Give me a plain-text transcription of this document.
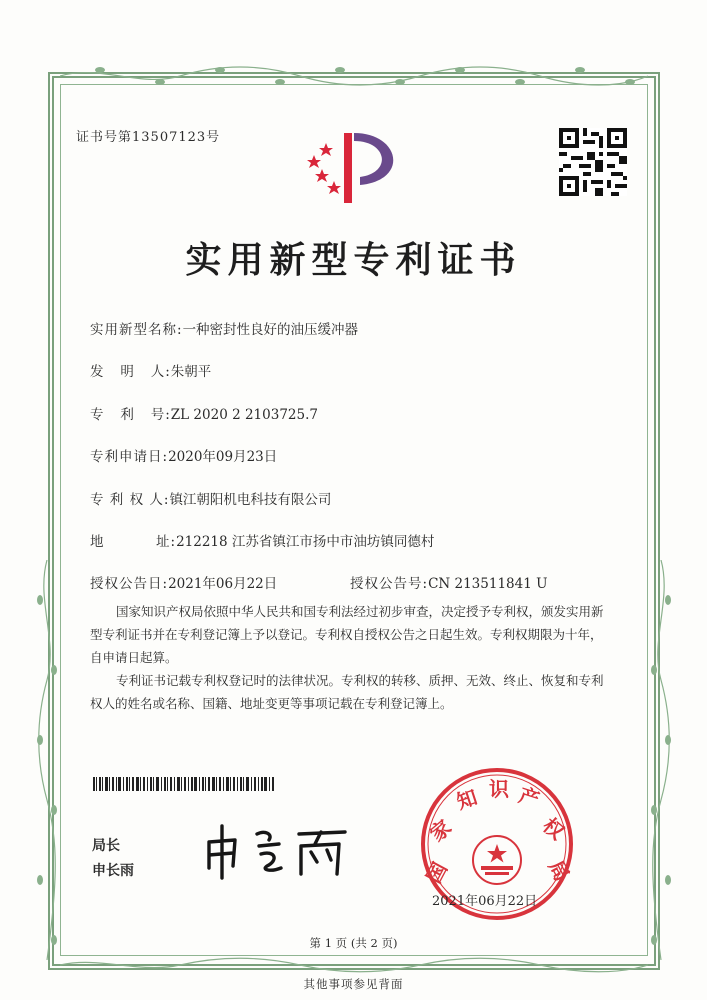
证书号第13507123号
实用新型专利证书
实用新型名称:一种密封性良好的油压缓冲器
发   明   人:朱朝平
专   利   号:ZL 2020 2 2103725.7
专利申请日:2020年09月23日
专 利 权 人:镇江朝阳机电科技有限公司
地	址:212218 江苏省镇江市扬中市油坊镇同德村
授权公告日:2021年06月22日	授权公告号:CN 213511841 U

国家知识产权局依照中华人民共和国专利法经过初步审查，决定授予专利权，颁发实用新型专利证书并在专利登记簿上予以登记。专利权自授权公告之日起生效。专利权期限为十年，自申请日起算。

专利证书记载专利权登记时的法律状况。专利权的转移、质押、无效、终止、恢复和专利权人的姓名或名称、国籍、地址变更等事项记载在专利登记簿上。

局长
申长雨	国
家
知 识 产
权
局
2021年06月22日
第 1 页 (共 2 页)
其他事项参见背面
